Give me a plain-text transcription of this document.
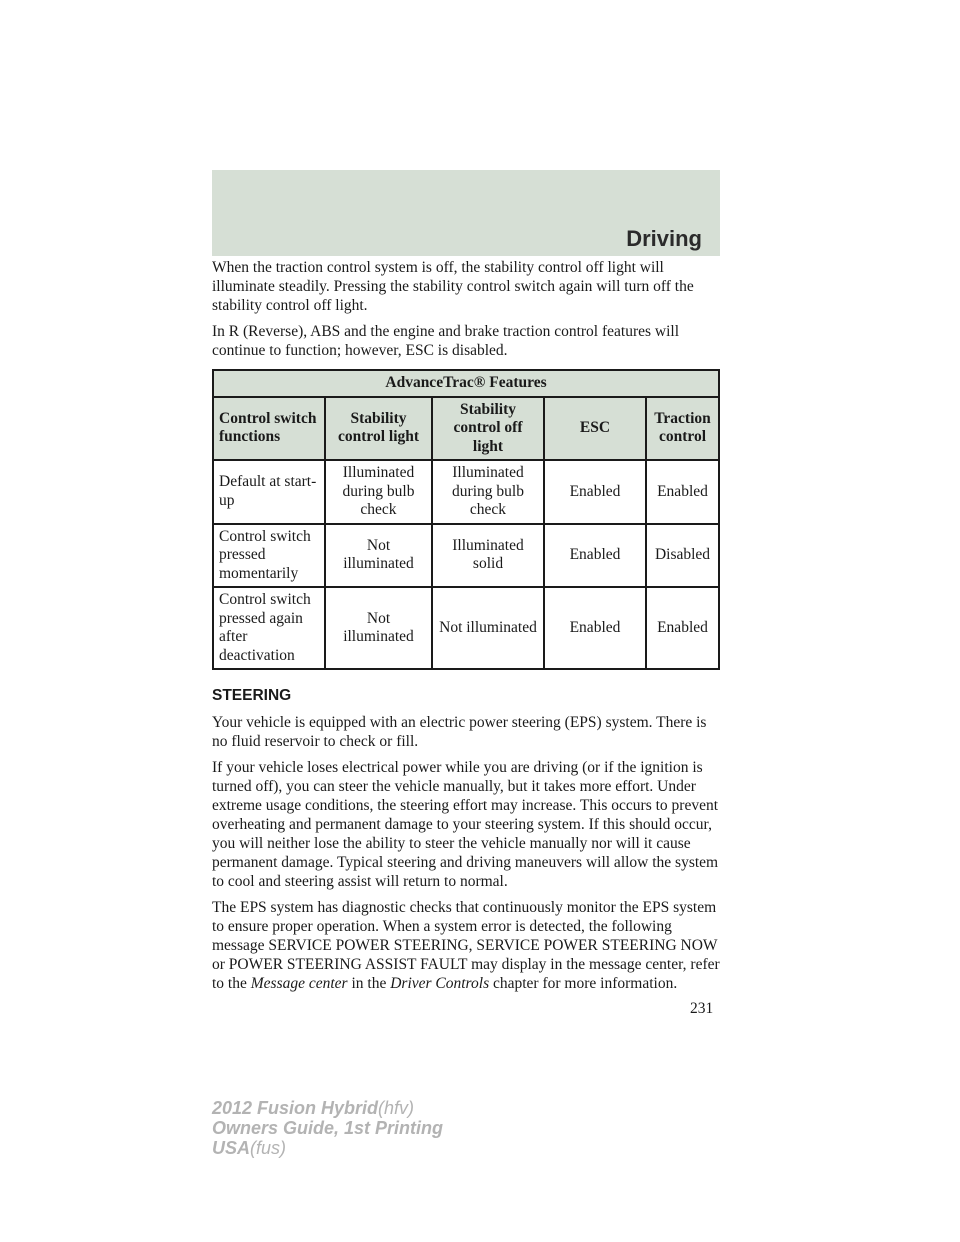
Driving

When the traction control system is off, the stability control off light will illuminate steadily. Pressing the stability control switch again will turn off the stability control off light.

In R (Reverse), ABS and the engine and brake traction control features will continue to function; however, ESC is disabled.

AdvanceTrac® Features				
Control switch functions	Stability control light	Stability control off light	ESC	Traction control
Default at start-up	Illuminated during bulb check	Illuminated during bulb check	Enabled	Enabled
Control switch pressed momentarily	Not illuminated	Illuminated solid	Enabled	Disabled
Control switch pressed again after deactivation	Not illuminated	Not illuminated	Enabled	Enabled
STEERING

Your vehicle is equipped with an electric power steering (EPS) system. There is no fluid reservoir to check or fill.

If your vehicle loses electrical power while you are driving (or if the ignition is turned off), you can steer the vehicle manually, but it takes more effort. Under extreme usage conditions, the steering effort may increase. This occurs to prevent overheating and permanent damage to your steering system. If this should occur, you will neither lose the ability to steer the vehicle manually nor will it cause permanent damage. Typical steering and driving maneuvers will allow the system to cool and steering assist will return to normal.

The EPS system has diagnostic checks that continuously monitor the EPS system to ensure proper operation. When a system error is detected, the following message SERVICE POWER STEERING, SERVICE POWER STEERING NOW or POWER STEERING ASSIST FAULT may display in the message center, refer to the Message center in the Driver Controls chapter for more information.

231
2012 Fusion Hybrid(hfv)
Owners Guide, 1st Printing
USA(fus)
